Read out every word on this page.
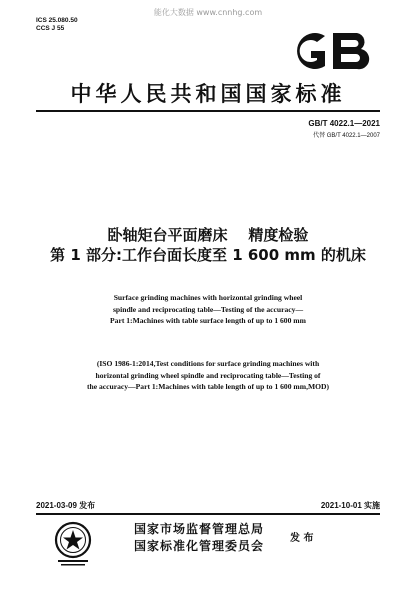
能化大数据 www.cnnhg.com
ICS 25.080.50
CCS J 55
中华人民共和国国家标准
GB/T 4022.1—2021
代替 GB/T 4022.1—2007
卧轴矩台平面磨床    精度检验
第 1 部分:工作台面长度至 1 600 mm 的机床
Surface grinding machines with horizontal grinding wheel
spindle and reciprocating table—Testing of the accuracy—
Part 1:Machines with table surface length of up to 1 600 mm
(ISO 1986-1:2014,Test conditions for surface grinding machines with
horizontal grinding wheel spindle and reciprocating table—Testing of
the accuracy—Part 1:Machines with table length of up to 1 600 mm,MOD)
2021-03-09 发布	2021-10-01 实施
国家市场监督管理总局
国家标准化管理委员会
发 布
